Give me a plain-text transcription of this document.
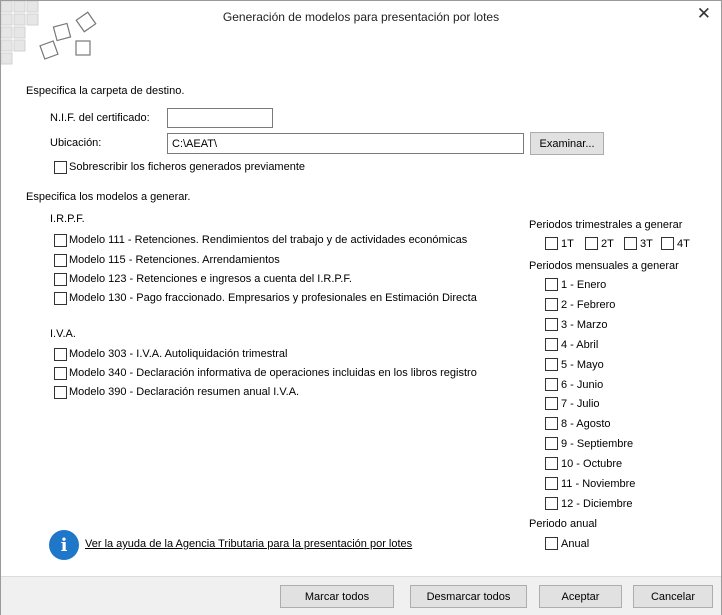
Generación de modelos para presentación por lotes	✕
Especifica la carpeta de destino.
N.I.F. del certificado:
Ubicación:
C:\AEAT\	Examinar...
Sobrescribir los ficheros generados previamente
Especifica los modelos a generar.
I.R.P.F.
Modelo 111 - Retenciones. Rendimientos del trabajo y de actividades económicas
Modelo 115 - Retenciones. Arrendamientos
Modelo 123 - Retenciones e ingresos a cuenta del I.R.P.F.
Modelo 130 - Pago fraccionado. Empresarios y profesionales en Estimación Directa
I.V.A.
Modelo 303 - I.V.A. Autoliquidación trimestral
Modelo 340 - Declaración informativa de operaciones incluidas en los libros registro
Modelo 390 - Declaración resumen anual I.V.A.
Periodos trimestrales a generar
1T 2T 3T 4T
Periodos mensuales a generar
1 - Enero
2 - Febrero
3 - Marzo
4 - Abril
5 - Mayo
6 - Junio
7 - Julio
8 - Agosto
9 - Septiembre
10 - Octubre
11 - Noviembre
12 - Diciembre
Periodo anual
Anual
i	Ver la ayuda de la Agencia Tributaria para la presentación por lotes
Marcar todos	Desmarcar todos	Aceptar	Cancelar
